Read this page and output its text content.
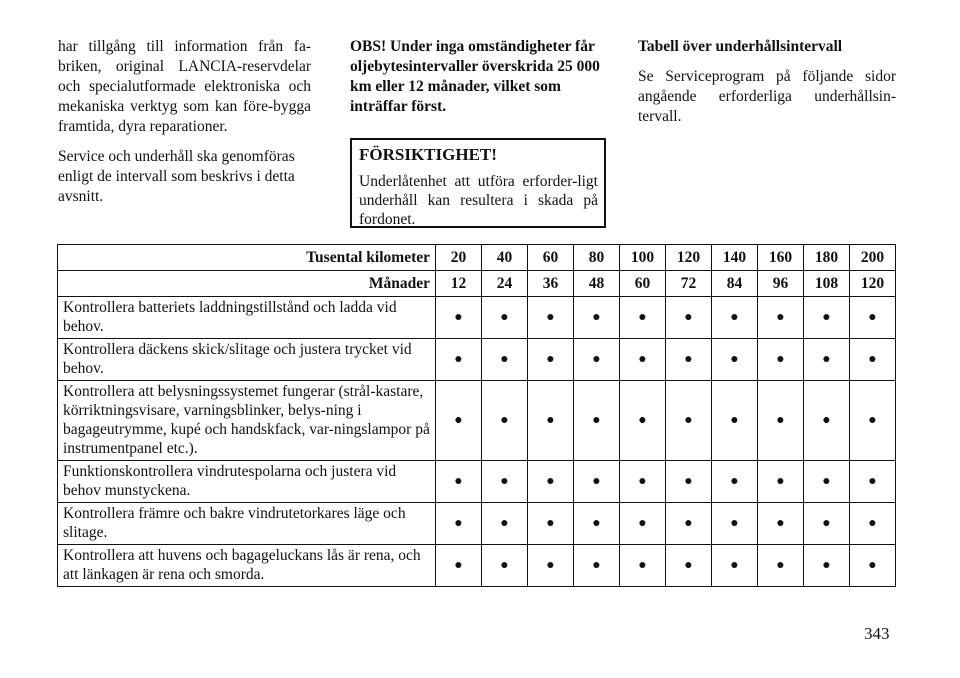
har tillgång till information från fa-briken, original LANCIA-reservdelar och specialutformade elektroniska och mekaniska verktyg som kan före-bygga framtida, dyra reparationer.

Service och underhåll ska genomföras enligt de intervall som beskrivs i detta avsnitt.

OBS! Under inga omständigheter får oljebytesintervaller överskrida 25 000 km eller 12 månader, vilket som inträffar först.

FÖRSIKTIGHET!
Underlåtenhet att utföra erforder-ligt underhåll kan resultera i skada på fordonet.

Tabell över underhållsintervall

Se Serviceprogram på följande sidor angående erforderliga underhållsin-tervall.

Tusental kilometer	20	40	60	80	100	120	140	160	180	200
Månader	12	24	36	48	60	72	84	96	108	120
Kontrollera batteriets laddningstillstånd och ladda vid behov.	●	●	●	●	●	●	●	●	●	●
Kontrollera däckens skick/slitage och justera trycket vid behov.	●	●	●	●	●	●	●	●	●	●
Kontrollera att belysningssystemet fungerar (strål-kastare, körriktningsvisare, varningsblinker, belys-ning i bagageutrymme, kupé och handskfack, var-ningslampor på instrumentpanel etc.).	●	●	●	●	●	●	●	●	●	●
Funktionskontrollera vindrutespolarna och justera vid behov munstyckena.	●	●	●	●	●	●	●	●	●	●
Kontrollera främre och bakre vindrutetorkares läge och slitage.	●	●	●	●	●	●	●	●	●	●
Kontrollera att huvens och bagageluckans lås är rena, och att länkagen är rena och smorda.	●	●	●	●	●	●	●	●	●	●
343
